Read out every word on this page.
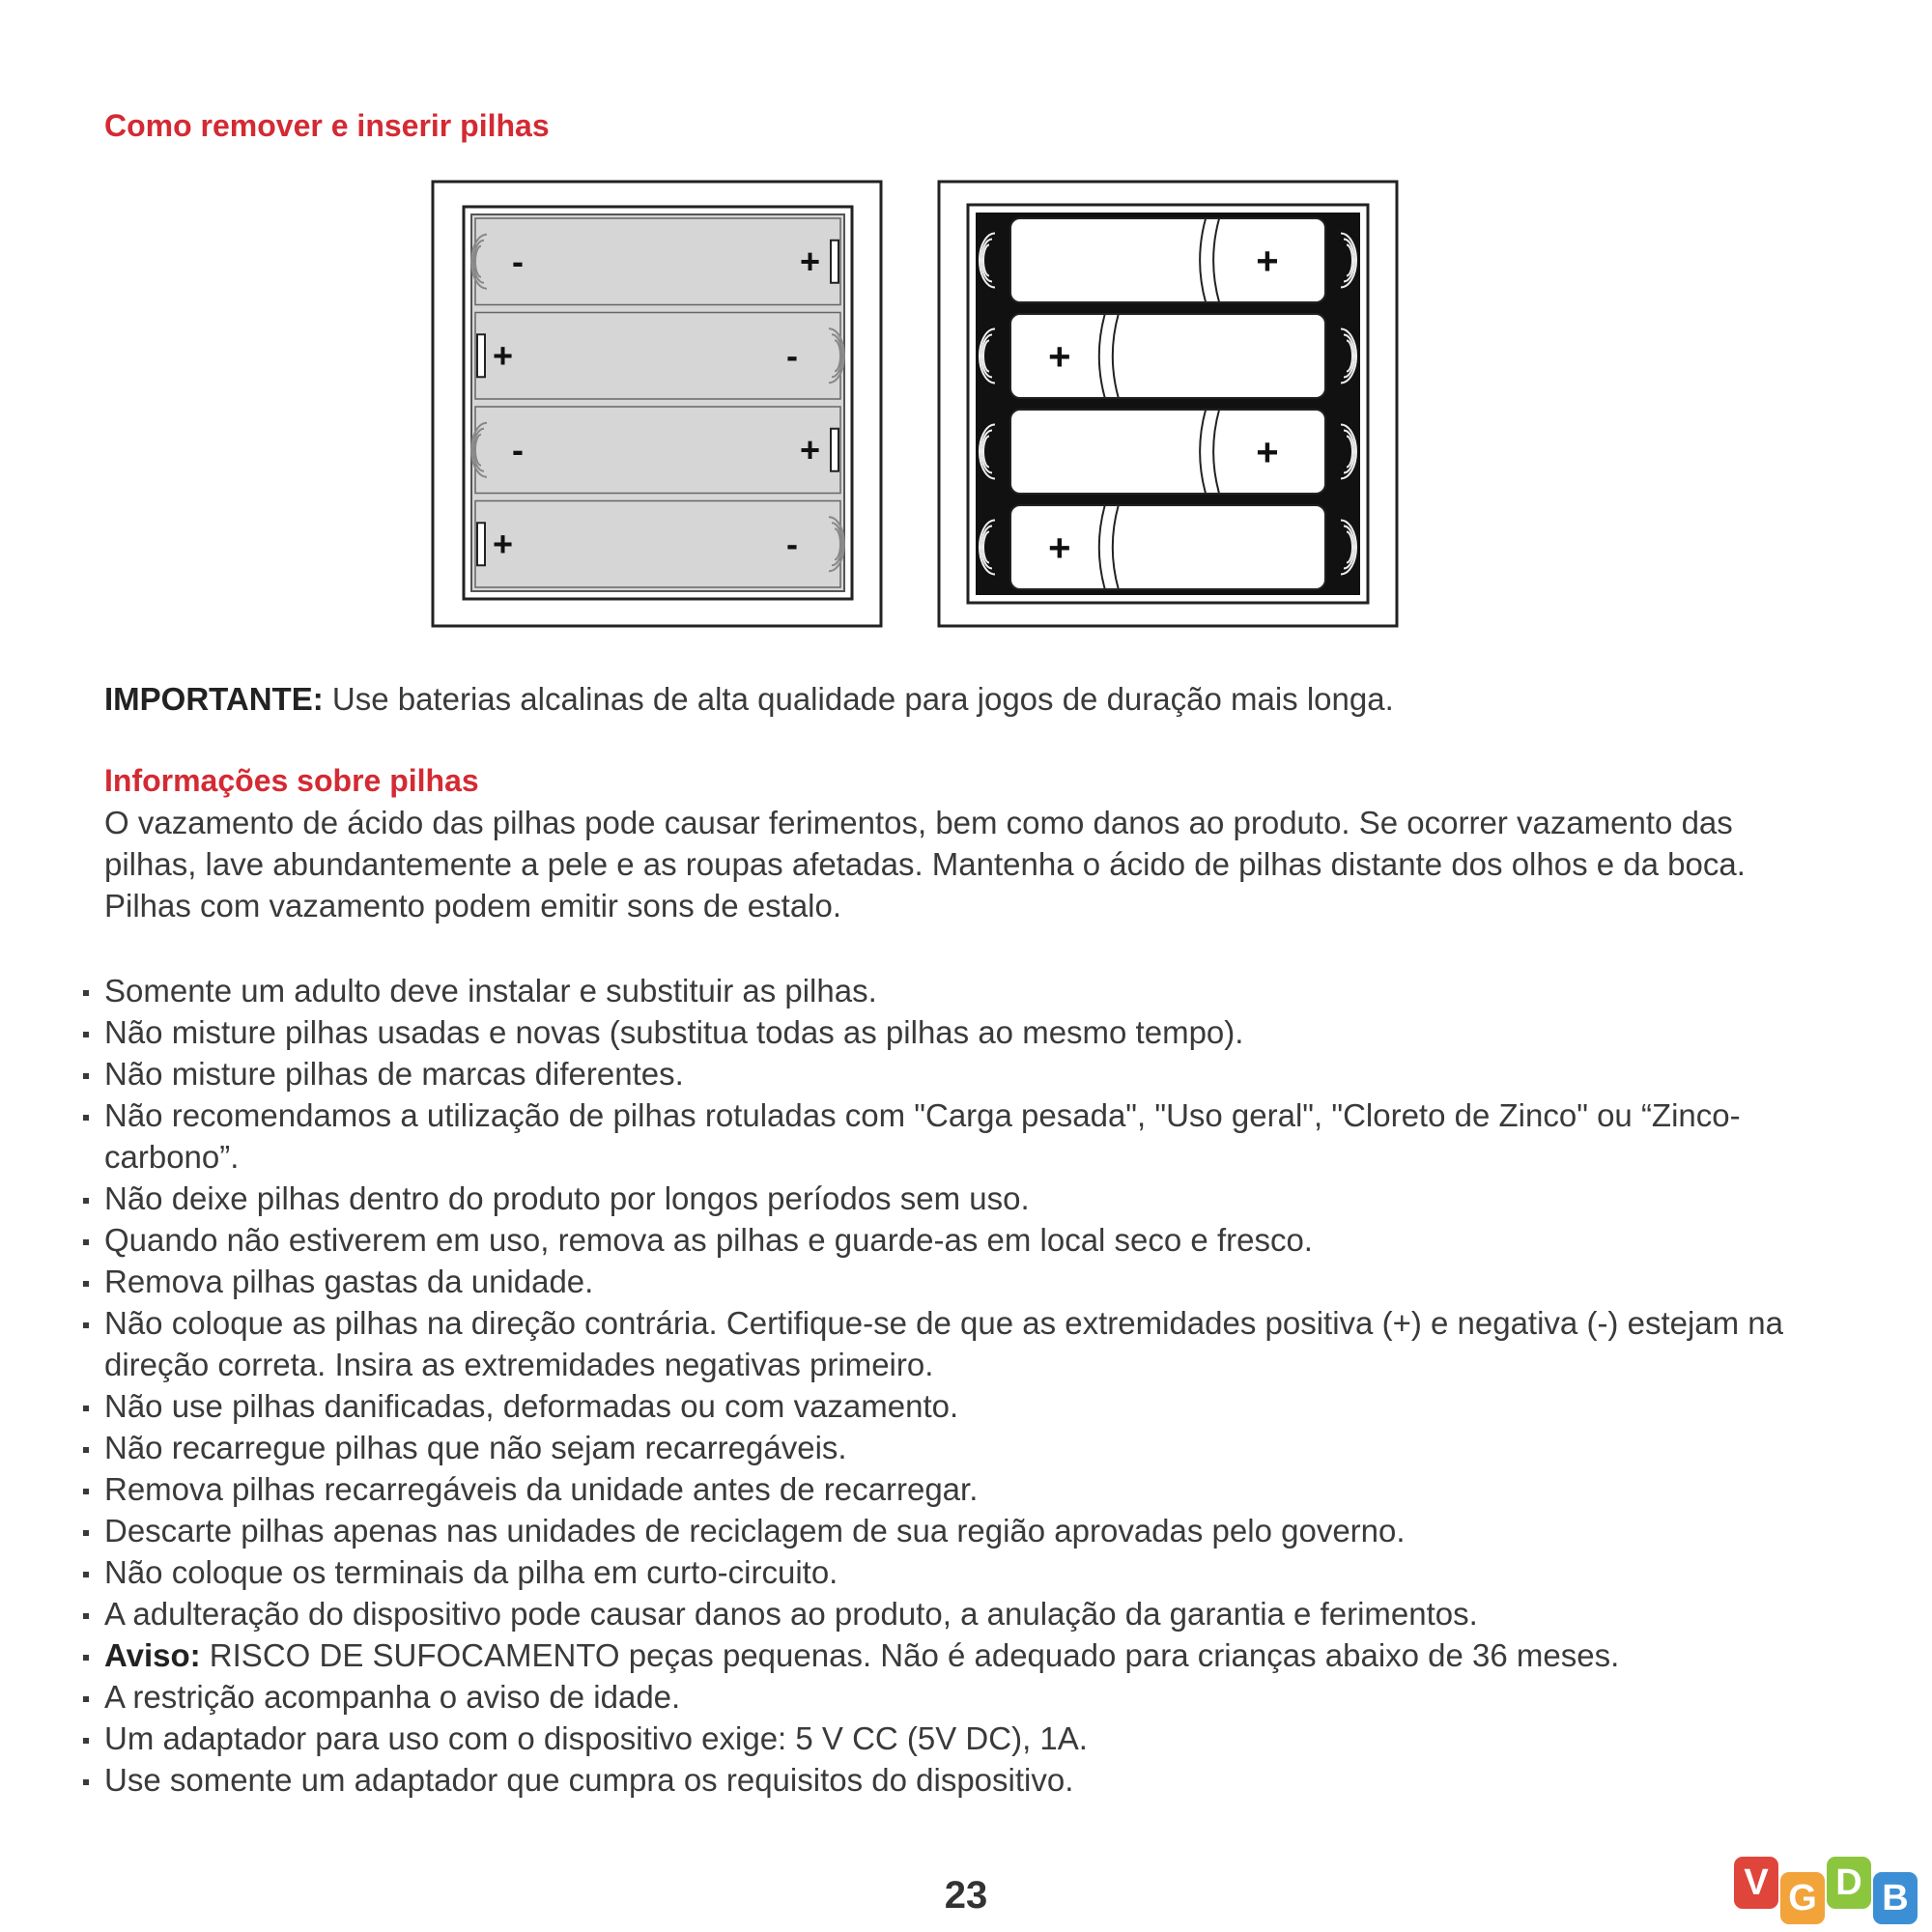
Como remover e inserir pilhas
-	+
+	-
-	+
+	-
+
+
+
+

IMPORTANTE: Use baterias alcalinas de alta qualidade para jogos de duração mais longa.

Informações sobre pilhas

O vazamento de ácido das pilhas pode causar ferimentos, bem como danos ao produto. Se ocorrer vazamento das pilhas, lave abundantemente a pele e as roupas afetadas. Mantenha o ácido de pilhas distante dos olhos e da boca. Pilhas com vazamento podem emitir sons de estalo.

Somente um adulto deve instalar e substituir as pilhas.
Não misture pilhas usadas e novas (substitua todas as pilhas ao mesmo tempo).
Não misture pilhas de marcas diferentes.
Não recomendamos a utilização de pilhas rotuladas com "Carga pesada", "Uso geral", "Cloreto de Zinco" ou “Zinco-carbono”.
Não deixe pilhas dentro do produto por longos períodos sem uso.
Quando não estiverem em uso, remova as pilhas e guarde-as em local seco e fresco.
Remova pilhas gastas da unidade.
Não coloque as pilhas na direção contrária. Certifique-se de que as extremidades positiva (+) e negativa (-) estejam na direção correta. Insira as extremidades negativas primeiro.
Não use pilhas danificadas, deformadas ou com vazamento.
Não recarregue pilhas que não sejam recarregáveis.
Remova pilhas recarregáveis da unidade antes de recarregar.
Descarte pilhas apenas nas unidades de reciclagem de sua região aprovadas pelo governo.
Não coloque os terminais da pilha em curto-circuito.
A adulteração do dispositivo pode causar danos ao produto, a anulação da garantia e ferimentos.
Aviso: RISCO DE SUFOCAMENTO peças pequenas. Não é adequado para crianças abaixo de 36 meses.
A restrição acompanha o aviso de idade.
Um adaptador para uso com o dispositivo exige: 5 V CC (5V DC), 1A.
Use somente um adaptador que cumpra os requisitos do dispositivo.

23	V G D B
